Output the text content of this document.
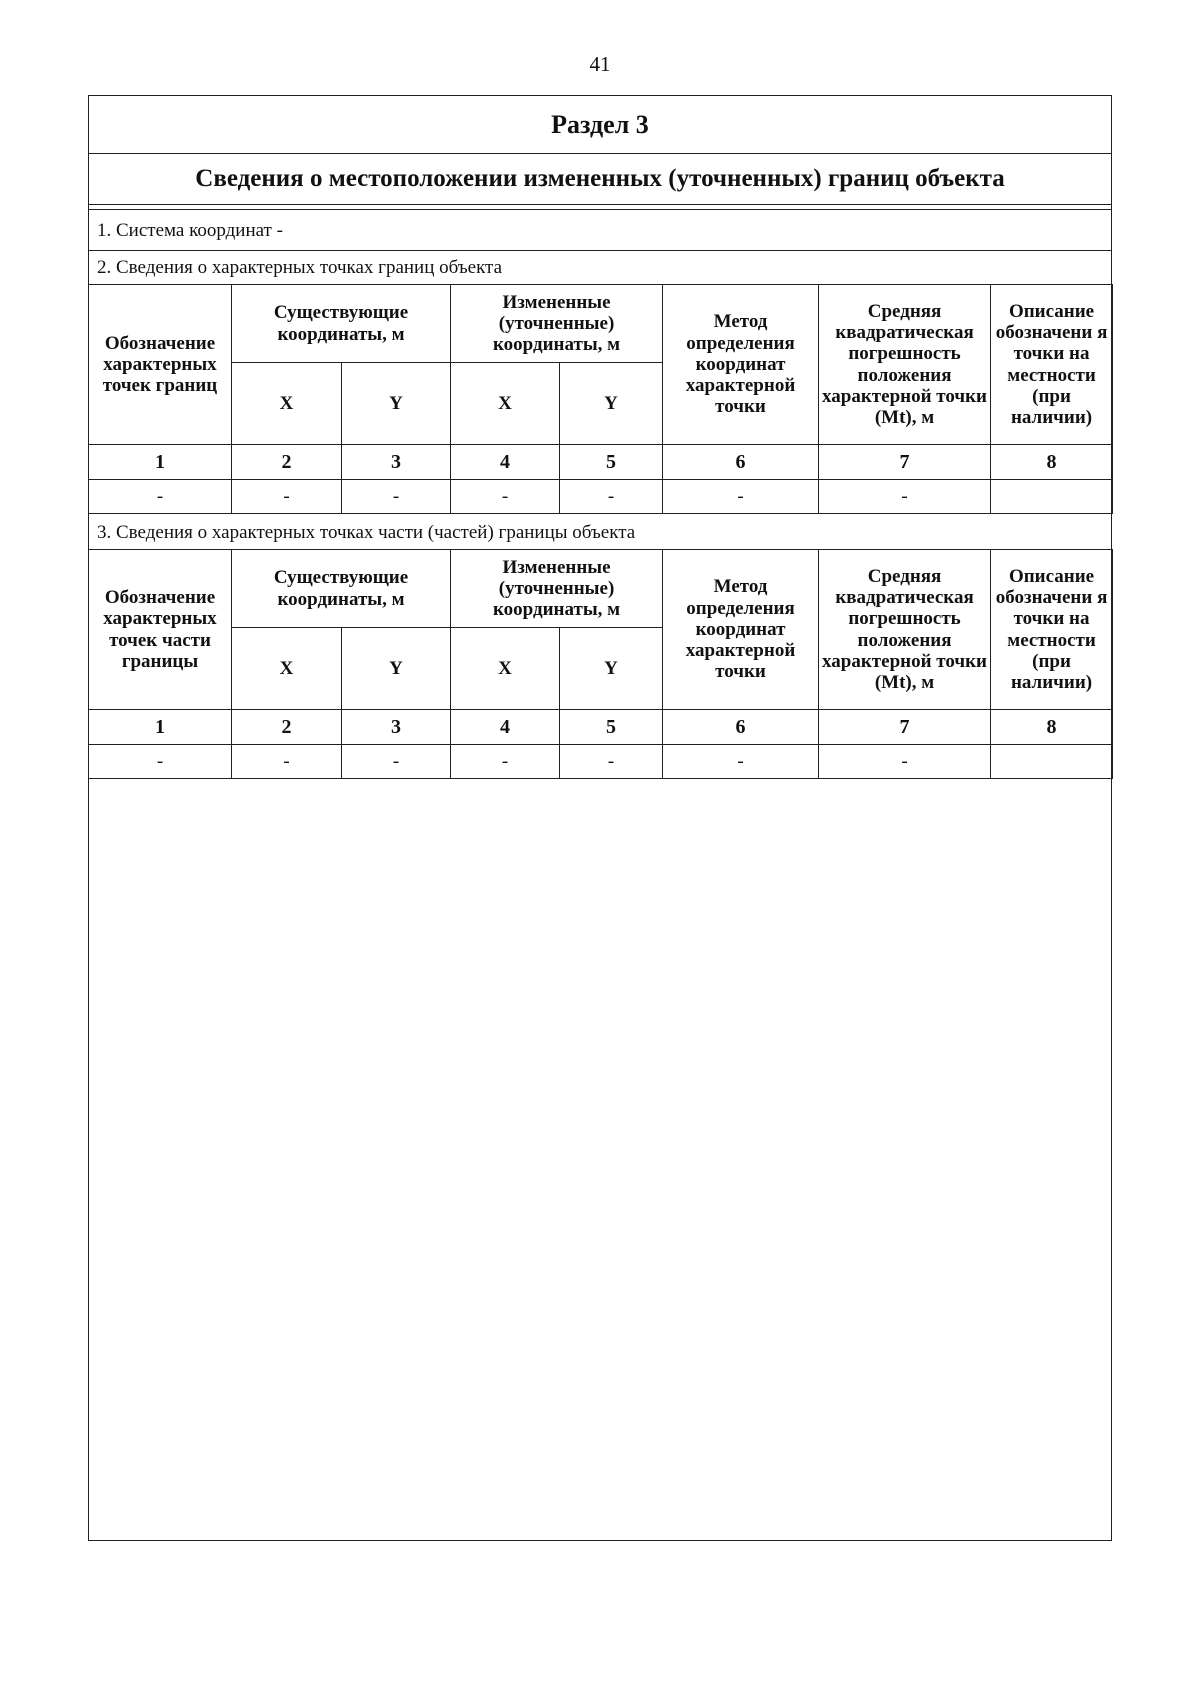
41
Раздел 3
Сведения о местоположении измененных (уточненных) границ объекта
1. Система координат -
2. Сведения о характерных точках границ объекта
Обозначение характерных точек границ	Существующие координаты, м		Измененные (уточненные) координаты, м		Метод определения координат характерной точки	Средняя квадратическая погрешность положения характерной точки (Mt), м	Описание обозначени я точки на местности (при наличии)
	X	Y	X	Y			
1	2	3	4	5	6	7	8
-	-	-	-	-	-	-	
3. Сведения о характерных точках части (частей) границы объекта
Обозначение характерных точек части границы	Существующие координаты, м		Измененные (уточненные) координаты, м		Метод определения координат характерной точки	Средняя квадратическая погрешность положения характерной точки (Mt), м	Описание обозначени я точки на местности (при наличии)
	X	Y	X	Y			
1	2	3	4	5	6	7	8
-	-	-	-	-	-	-	
